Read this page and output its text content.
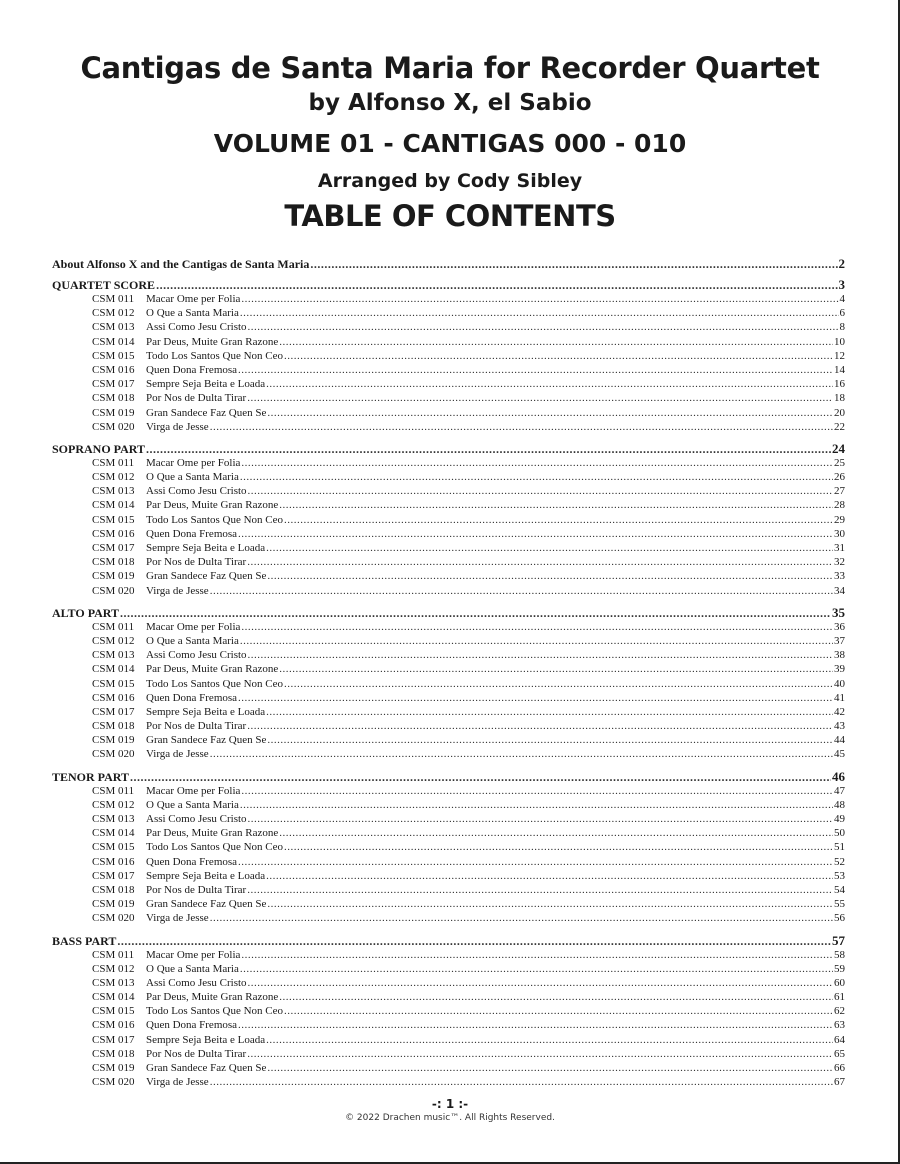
Cantigas de Santa Maria for Recorder Quartet
by Alfonso X, el Sabio
VOLUME 01 - CANTIGAS 000 - 010
Arranged by Cody Sibley
TABLE OF CONTENTS
About Alfonso X and the Cantigas de Santa Maria .....	2
QUARTET SCORE .....	3
CSM 011 Macar Ome per Folia .....	4
CSM 012 O Que a Santa Maria .....	6
CSM 013 Assi Como Jesu Cristo .....	8
CSM 014 Par Deus, Muite Gran Razone .....	10
CSM 015 Todo Los Santos Que Non Ceo .....	12
CSM 016 Quen Dona Fremosa .....	14
CSM 017 Sempre Seja Beita e Loada .....	16
CSM 018 Por Nos de Dulta Tirar .....	18
CSM 019 Gran Sandece Faz Quen Se .....	20
CSM 020 Virga de Jesse .....	22
SOPRANO PART .....	24
CSM 011 Macar Ome per Folia .....	25
CSM 012 O Que a Santa Maria .....	26
CSM 013 Assi Como Jesu Cristo .....	27
CSM 014 Par Deus, Muite Gran Razone .....	28
CSM 015 Todo Los Santos Que Non Ceo .....	29
CSM 016 Quen Dona Fremosa .....	30
CSM 017 Sempre Seja Beita e Loada .....	31
CSM 018 Por Nos de Dulta Tirar .....	32
CSM 019 Gran Sandece Faz Quen Se .....	33
CSM 020 Virga de Jesse .....	34
ALTO PART .....	35
CSM 011 Macar Ome per Folia .....	36
CSM 012 O Que a Santa Maria .....	37
CSM 013 Assi Como Jesu Cristo .....	38
CSM 014 Par Deus, Muite Gran Razone .....	39
CSM 015 Todo Los Santos Que Non Ceo .....	40
CSM 016 Quen Dona Fremosa .....	41
CSM 017 Sempre Seja Beita e Loada .....	42
CSM 018 Por Nos de Dulta Tirar .....	43
CSM 019 Gran Sandece Faz Quen Se .....	44
CSM 020 Virga de Jesse .....	45
TENOR PART .....	46
CSM 011 Macar Ome per Folia .....	47
CSM 012 O Que a Santa Maria .....	48
CSM 013 Assi Como Jesu Cristo .....	49
CSM 014 Par Deus, Muite Gran Razone .....	50
CSM 015 Todo Los Santos Que Non Ceo .....	51
CSM 016 Quen Dona Fremosa .....	52
CSM 017 Sempre Seja Beita e Loada .....	53
CSM 018 Por Nos de Dulta Tirar .....	54
CSM 019 Gran Sandece Faz Quen Se .....	55
CSM 020 Virga de Jesse .....	56
BASS PART .....	57
CSM 011 Macar Ome per Folia .....	58
CSM 012 O Que a Santa Maria .....	59
CSM 013 Assi Como Jesu Cristo .....	60
CSM 014 Par Deus, Muite Gran Razone .....	61
CSM 015 Todo Los Santos Que Non Ceo .....	62
CSM 016 Quen Dona Fremosa .....	63
CSM 017 Sempre Seja Beita e Loada .....	64
CSM 018 Por Nos de Dulta Tirar .....	65
CSM 019 Gran Sandece Faz Quen Se .....	66
CSM 020 Virga de Jesse .....	67
-: 1 :-
© 2022 Drachen music™. All Rights Reserved.
